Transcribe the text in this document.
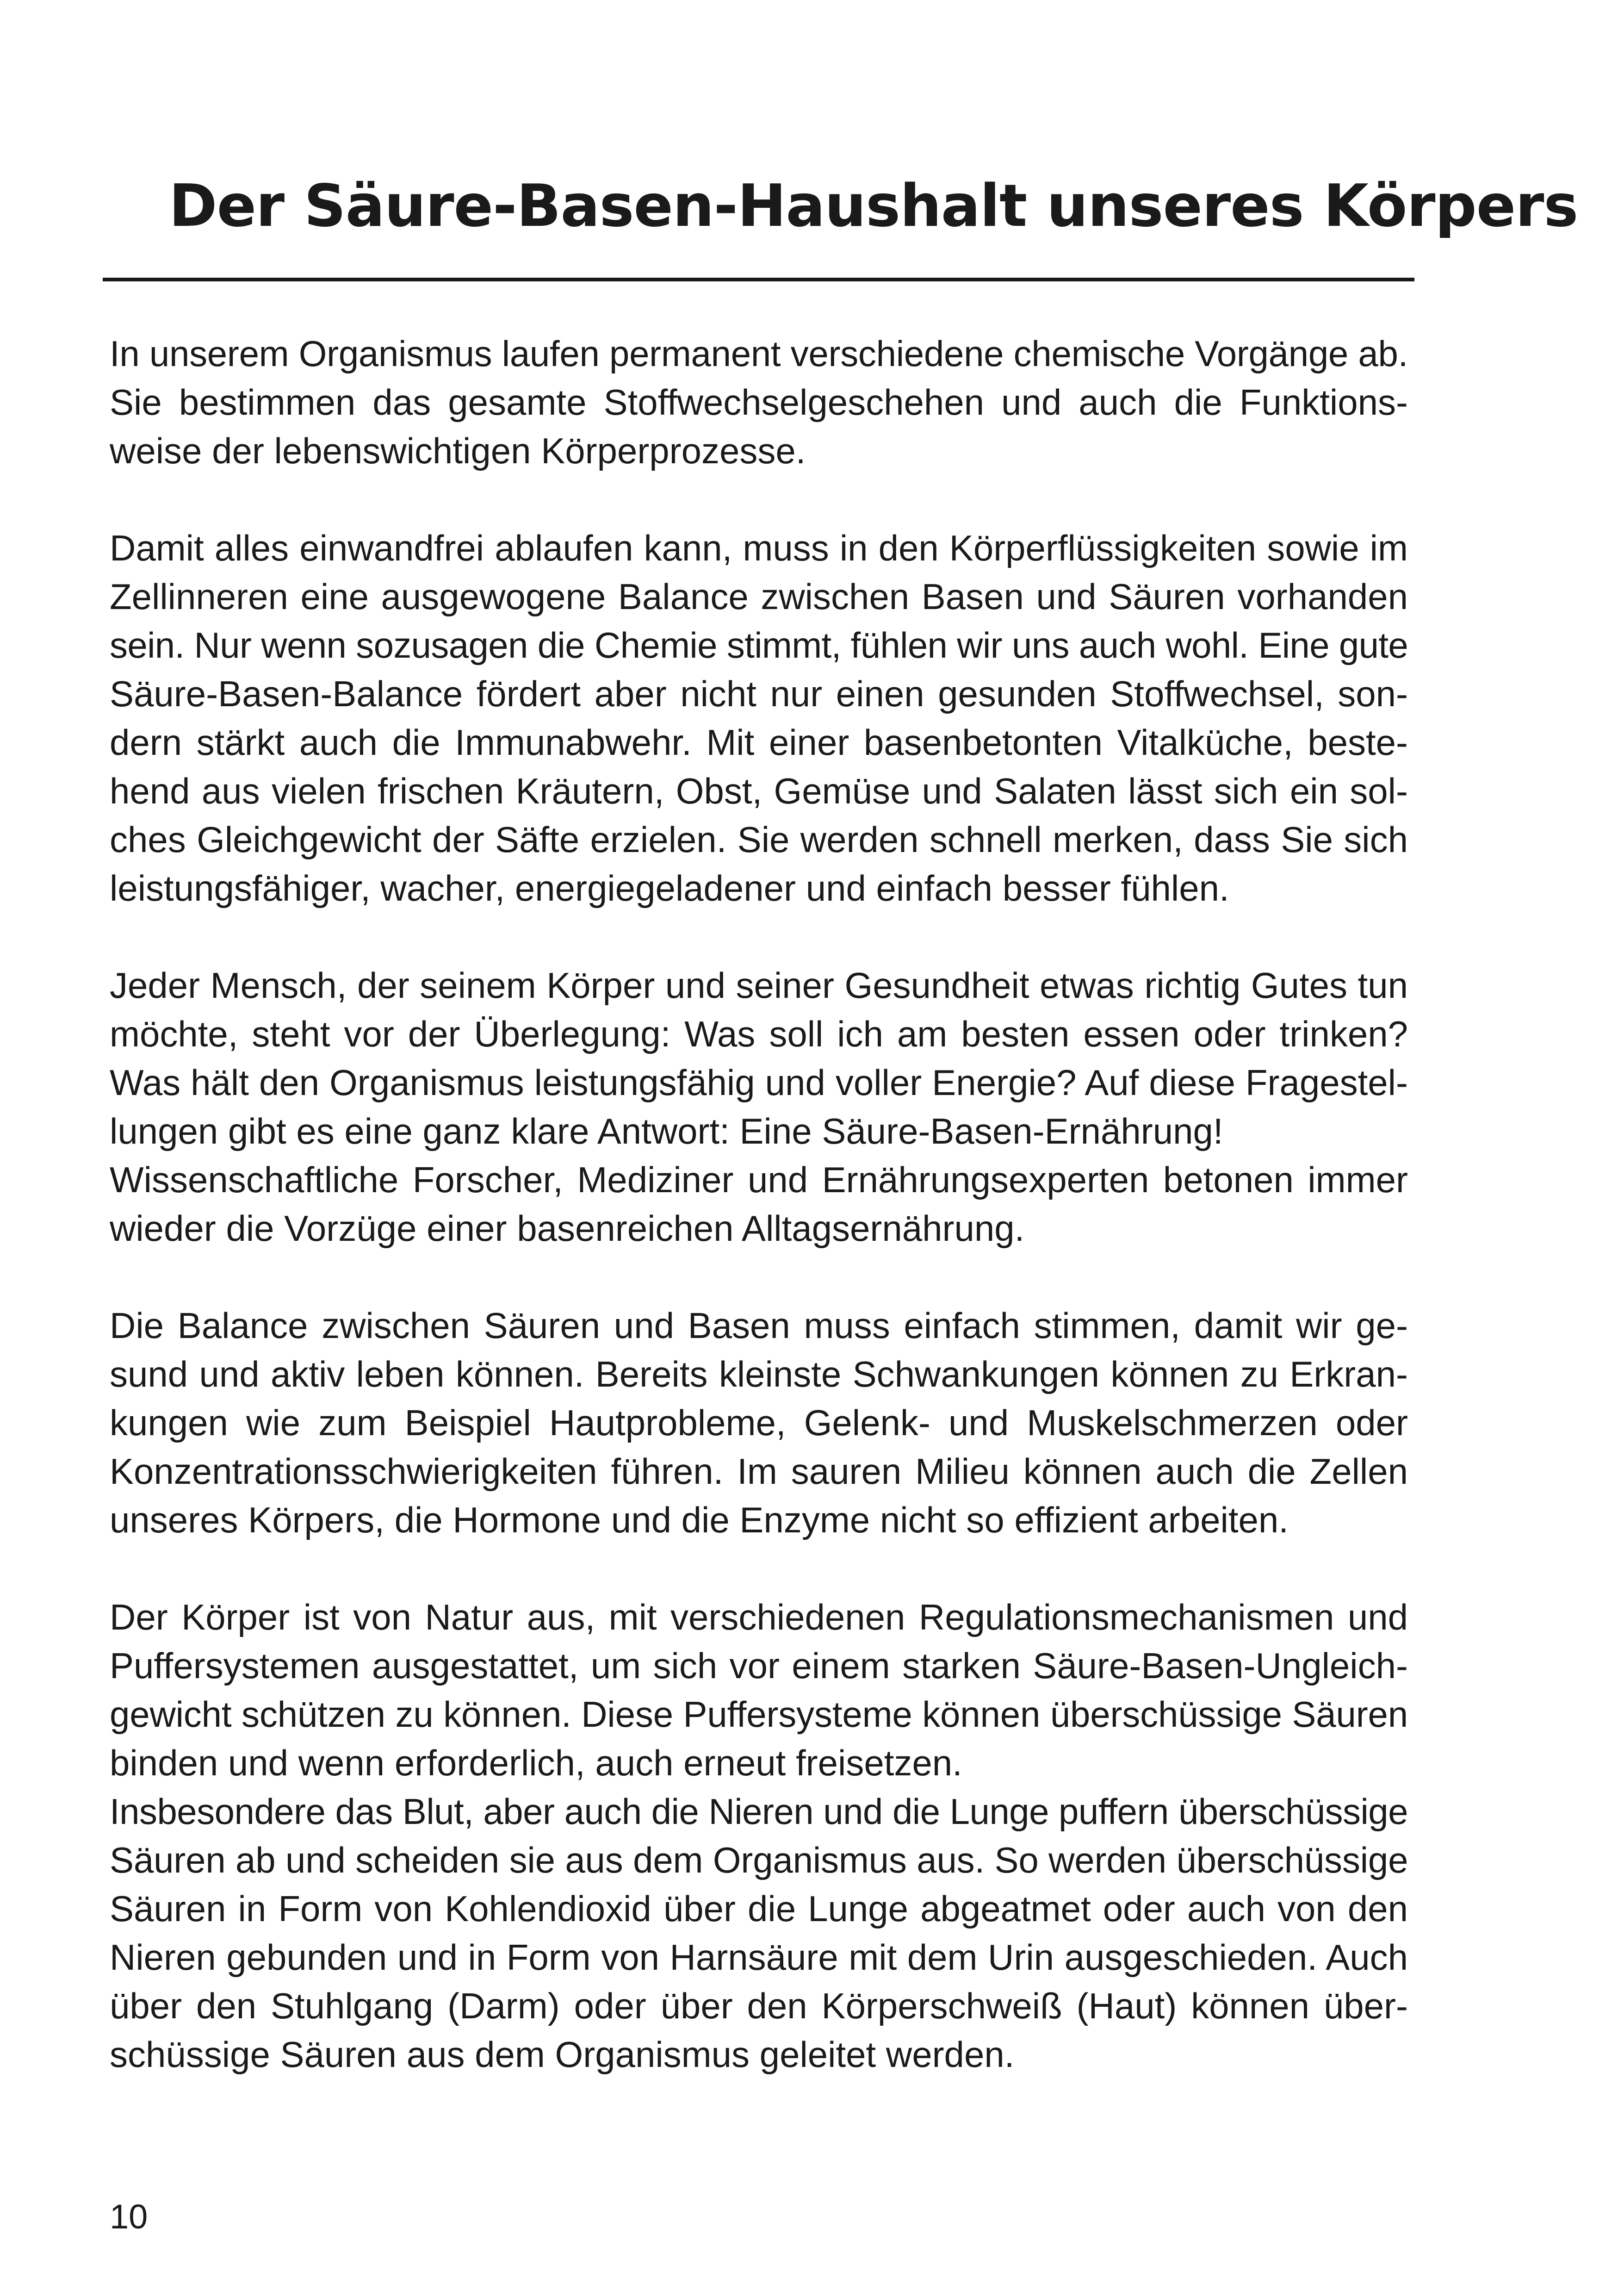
Der Säure-Basen-Haushalt unseres Körpers

In unserem Organismus laufen permanent verschiedene chemische Vorgänge ab.
Sie bestimmen das gesamte Stoffwechselgeschehen und auch die Funktions-
weise der lebenswichtigen Körperprozesse.

Damit alles einwandfrei ablaufen kann, muss in den Körperflüssigkeiten sowie im
Zellinneren eine ausgewogene Balance zwischen Basen und Säuren vorhanden
sein. Nur wenn sozusagen die Chemie stimmt, fühlen wir uns auch wohl. Eine gute
Säure-Basen-Balance fördert aber nicht nur einen gesunden Stoffwechsel, son-
dern stärkt auch die Immunabwehr. Mit einer basenbetonten Vitalküche, beste-
hend aus vielen frischen Kräutern, Obst, Gemüse und Salaten lässt sich ein sol-
ches Gleichgewicht der Säfte erzielen. Sie werden schnell merken, dass Sie sich
leistungsfähiger, wacher, energiegeladener und einfach besser fühlen.

Jeder Mensch, der seinem Körper und seiner Gesundheit etwas richtig Gutes tun
möchte, steht vor der Überlegung: Was soll ich am besten essen oder trinken?
Was hält den Organismus leistungsfähig und voller Energie? Auf diese Fragestel-
lungen gibt es eine ganz klare Antwort: Eine Säure-Basen-Ernährung!
Wissenschaftliche Forscher, Mediziner und Ernährungsexperten betonen immer
wieder die Vorzüge einer basenreichen Alltagsernährung.

Die Balance zwischen Säuren und Basen muss einfach stimmen, damit wir ge-
sund und aktiv leben können. Bereits kleinste Schwankungen können zu Erkran-
kungen wie zum Beispiel Hautprobleme, Gelenk- und Muskelschmerzen oder
Konzentrationsschwierigkeiten führen. Im sauren Milieu können auch die Zellen
unseres Körpers, die Hormone und die Enzyme nicht so effizient arbeiten.

Der Körper ist von Natur aus, mit verschiedenen Regulationsmechanismen und
Puffersystemen ausgestattet, um sich vor einem starken Säure-Basen-Ungleich-
gewicht schützen zu können. Diese Puffersysteme können überschüssige Säuren
binden und wenn erforderlich, auch erneut freisetzen.

Insbesondere das Blut, aber auch die Nieren und die Lunge puffern überschüssige
Säuren ab und scheiden sie aus dem Organismus aus. So werden überschüssige
Säuren in Form von Kohlendioxid über die Lunge abgeatmet oder auch von den
Nieren gebunden und in Form von Harnsäure mit dem Urin ausgeschieden. Auch
über den Stuhlgang (Darm) oder über den Körperschweiß (Haut) können über-
schüssige Säuren aus dem Organismus geleitet werden.

10
